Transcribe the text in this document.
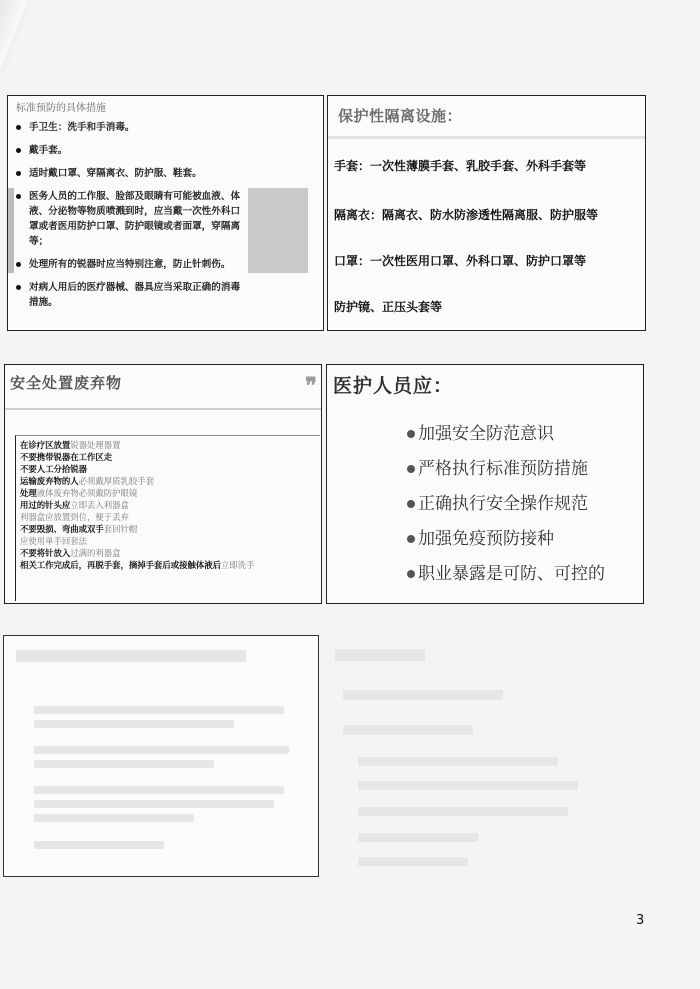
标准预防的具体措施
手卫生：洗手和手消毒。
戴手套。
适时戴口罩、穿隔离衣、防护服、鞋套。
医务人员的工作服、脸部及眼睛有可能被血液、体液、分泌物等物质喷溅到时，应当戴一次性外科口罩或者医用防护口罩、防护眼镜或者面罩，穿隔离等；
处理所有的锐器时应当特别注意，防止针刺伤。
对病人用后的医疗器械、器具应当采取正确的消毒措施。
保护性隔离设施：
手套：一次性薄膜手套、乳胶手套、外科手套等
隔离衣：隔离衣、防水防渗透性隔离服、防护服等
口罩：一次性医用口罩、外科口罩、防护口罩等
防护镜、正压头套等
安全处置废弃物	❞
在诊疗区放置锐器处理器置
不要携带锐器在工作区走
不要人工分拾锐器
运输废弃物的人必须戴厚质乳胶手套
处理液体废弃物必须戴防护眼镜
用过的针头应立即丢入利器盒
利器盒应放置到位，便于丢弃
不要毁损、弯曲或双手套回针帽
应使用单手回套法
不要将针放入过满的利器盒
相关工作完成后，再脱手套，摘掉手套后或接触体液后立即洗手
医护人员应：
加强安全防范意识
严格执行标准预防措施
正确执行安全操作规范
加强免疫预防接种
职业暴露是可防、可控的
3
